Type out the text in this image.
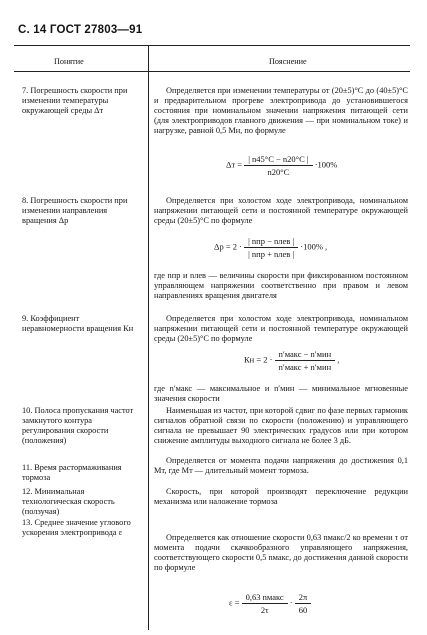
С. 14 ГОСТ 27803—91
Понятие	Пояснение
7. Погрешность скорости при изменении температуры окружающей среды Δт
Определяется при изменении температуры от (20±5)°С до (40±5)°С и предварительном прогреве электропривода до установившегося состояния при номинальном значении напряжения питающей сети (для электроприводов главного движения — при номинальном токе) и нагрузке, равной 0,5 Мн, по формуле
$\Delta т = \frac{| n45^\circ C - n20^\circ C |}{n20^\circ C} \cdot 100\%$
8. Погрешность скорости при изменении направления вращения Δр
Определяется при холостом ходе электропривода, номинальном напряжении питающей сети и постоянной температуре окружающей среды (20±5)°С по формуле
$\Delta р = 2 \cdot \frac{\text{| nпр − nлев |}}{\text{| nпр + nлев |}} \cdot 100\%$ ,
где nпр и nлев — величины скорости при фиксированном постоянном управляющем напряжении соответственно при правом и левом направлениях вращения двигателя
9. Коэффициент неравномерности вращения Кн
Определяется при холостом ходе электропривода, номинальном напряжении питающей сети и постоянной температуре окружающей среды (20±5)°С по формуле
Кн = $2 \cdot \frac{\text{n′макс − n′мин}}{\text{n′макс + n′мин}}$ ,
где n′макс — максимальное и n′мин — минимальное мгновенные значения скорости
10. Полоса пропускания частот замкнутого контура регулирования скорости (положения)
Наименьшая из частот, при которой сдвиг по фазе первых гармоник сигналов обратной связи по скорости (положению) и управляющего сигнала не превышает 90 электрических градусов или при котором снижение амплитуды выходного сигнала не более 3 дБ.
11. Время растормаживания тормоза
Определяется от момента подачи напряжения до достижения 0,1 Мт, где Мт — длительный момент тормоза.
12. Минимальная технологическая скорость (ползучая)
Скорость, при которой производят переключение редукции механизма или наложение тормоза
13. Среднее значение углового ускорения электропривода ε
Определяется как отношение скорости 0,63 nмакс/2 ко времени τ от момента подачи скачкообразного управляющего напряжения, соответствующего скорости 0,5 nмакс, до достижения данной скорости по формуле
$\varepsilon = \frac{\text{0,63 nмакс}}{2\tau} \cdot \frac{2\pi}{60}$
